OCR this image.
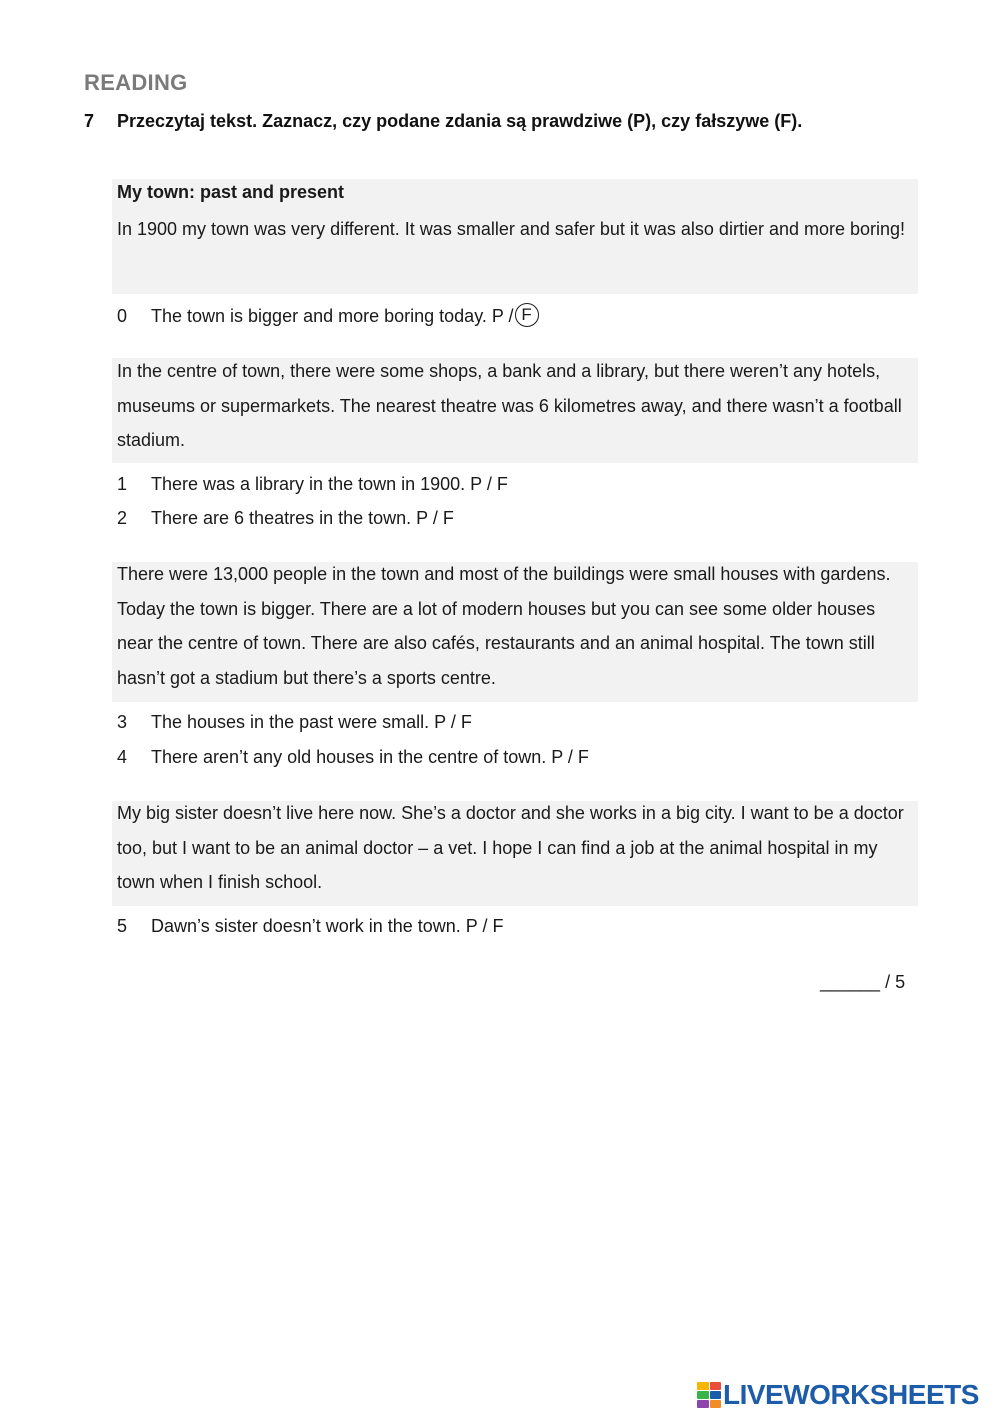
READING
7 Przeczytaj tekst. Zaznacz, czy podane zdania są prawdziwe (P), czy fałszywe (F).
My town: past and present
In 1900 my town was very different. It was smaller and safer but it was also dirtier and more boring!
0 The town is bigger and more boring today. P / F
In the centre of town, there were some shops, a bank and a library, but there weren’t any hotels, museums or supermarkets. The nearest theatre was 6 kilometres away, and there wasn’t a football stadium.
1 There was a library in the town in 1900. P / F
2 There are 6 theatres in the town. P / F
There were 13,000 people in the town and most of the buildings were small houses with gardens. Today the town is bigger. There are a lot of modern houses but you can see some older houses near the centre of town. There are also cafés, restaurants and an animal hospital. The town still hasn’t got a stadium but there’s a sports centre.
3 The houses in the past were small. P / F
4 There aren’t any old houses in the centre of town. P / F
My big sister doesn’t live here now. She’s a doctor and she works in a big city. I want to be a doctor too, but I want to be an animal doctor – a vet. I hope I can find a job at the animal hospital in my town when I finish school.
5 Dawn’s sister doesn’t work in the town. P / F
______ / 5
LIVEWORKSHEETS
